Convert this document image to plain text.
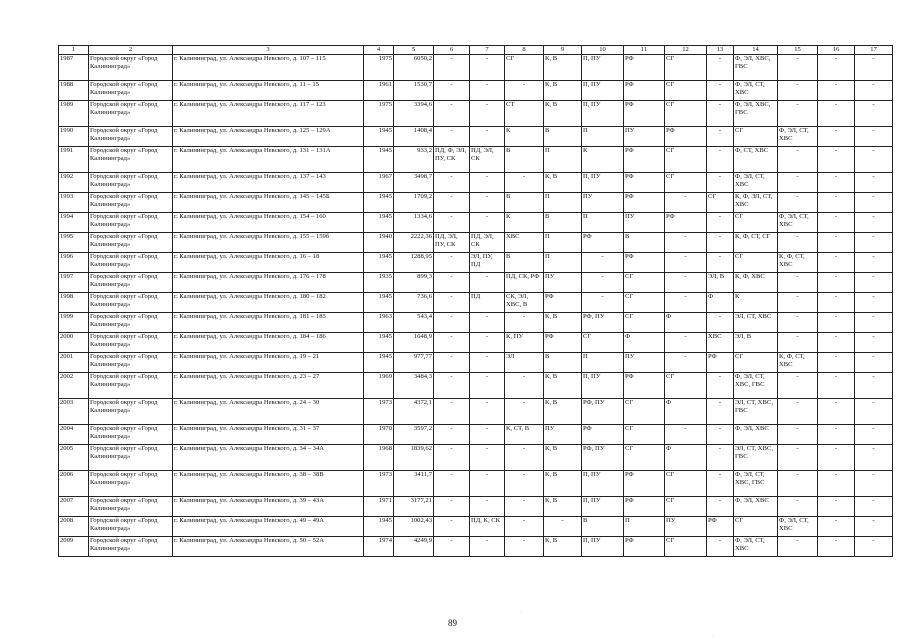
1	2	3	4	5	6	7	8	9	10	11	12	13	14	15	16	17
1987	Городской округ «Город Калининград»	г. Калининград, ул. Александра Невского, д. 107 – 115	1975	6050,2	-	-	СГ	К, В	П, ПУ	РФ	СГ	-	Ф, ЭЛ, ХВС, ГВС	-	-	-
1988	Городской округ «Город Калининград»	г. Калининград, ул. Александра Невского, д. 11 – 15	1961	1530,7	-	-	-	К, В	П, ПУ	РФ	СГ	-	Ф, ЭЛ, СТ, ХВС	-	-	-
1989	Городской округ «Город Калининград»	г. Калининград, ул. Александра Невского, д. 117 – 123	1975	3394,6	-	-	СТ	К, В	П, ПУ	РФ	СГ	-	Ф, ЭЛ, ХВС, ГВС	-	-	-
1990	Городской округ «Город Калининград»	г. Калининград, ул. Александра Невского, д. 125 – 129А	1945	1408,4	-	-	К	В	П	ПУ	РФ	-	СГ	Ф, ЭЛ, СТ, ХВС	-	-
1991	Городской округ «Город Калининград»	г. Калининград, ул. Александра Невского, д. 131 – 131А	1945	933,2	ПД, Ф, ЭЛ, ПУ, СК	ПД, ЭЛ, СК	В	П	К	РФ	СГ	-	Ф, СТ, ХВС	-	-	-
1992	Городской округ «Город Калининград»	г. Калининград, ул. Александра Невского, д. 137 – 143	1967	3498,7	-	-	-	К, В	П, ПУ	РФ	СГ	-	Ф, ЭЛ, СТ, ХВС	-	-	-
1993	Городской округ «Город Калининград»	г. Калининград, ул. Александра Невского, д. 145 – 145Б	1945	1709,2	-	-	В	П	ПУ	РФ	-	СГ	К, Ф, ЭЛ, СТ, ХВС	-	-	-
1994	Городской округ «Город Калининград»	г. Калининград, ул. Александра Невского, д. 154 – 160	1945	1334,6	-	-	К	В	П	ПУ	РФ	-	СГ	Ф, ЭЛ, СТ, ХВС	-	-
1995	Городской округ «Город Калининград»	г. Калининград, ул. Александра Невского, д. 155 – 159б	1940	2222,36	ПД, ЭЛ, ПУ, СК	ПД, ЭЛ, СК	ХВС	П	РФ	В	-	-	К, Ф, СТ, СГ	-	-	-
1996	Городской округ «Город Калининград»	г. Калининград, ул. Александра Невского, д. 16 – 18	1945	1288,95	-	ЭЛ, ПУ, ПД	В	П	-	РФ	-	-	СГ	К, Ф, СТ, ХВС	-	-
1997	Городской округ «Город Калининград»	г. Калининград, ул. Александра Невского, д. 176 – 178	1935	899,3	-	-	ПД, СК, РФ	ПУ	-	СГ	-	ЭЛ, В	К, Ф, ХВС	-	-	-
1998	Городской округ «Город Калининград»	г. Калининград, ул. Александра Невского, д. 180 – 182	1945	736,6	-	ПД	СК, ЭЛ, ХВС, В	РФ	-	СГ	-	Ф	К	-	-	-
1999	Городской округ «Город Калининград»	г. Калининград, ул. Александра Невского, д. 181 – 183	1963	543,4	-	-	-	К, В	РФ, ПУ	СГ	Ф	-	ЭЛ, СТ, ХВС	-	-	-
2000	Городской округ «Город Калининград»	г. Калининград, ул. Александра Невского, д. 184 – 186	1945	1648,9	-	-	К, ПУ	РФ	СГ	Ф	-	ХВС	ЭЛ, В	-	-	-
2001	Городской округ «Город Калининград»	г. Калининград, ул. Александра Невского, д. 19 – 21	1945	977,77	-	-	ЭЛ	В	П	ПУ	-	РФ	СГ	К, Ф, СТ, ХВС	-	-
2002	Городской округ «Город Калининград»	г. Калининград, ул. Александра Невского, д. 23 – 27	1969	3484,3	-	-	-	К, В	П, ПУ	РФ	СГ	-	Ф, ЭЛ, СТ, ХВС, ГВС	-	-	-
2003	Городской округ «Город Калининград»	г. Калининград, ул. Александра Невского, д. 24 – 30	1973	4372,1	-	-	-	К, В	РФ, ПУ	СГ	Ф	-	ЭЛ, СТ, ХВС, ГВС	-	-	-
2004	Городской округ «Город Калининград»	г. Калининград, ул. Александра Невского, д. 31 – 37	1970	3597,2	-	-	К, СТ, В	ПУ	РФ	СГ	-	-	Ф, ЭЛ, ХВС	-	-	-
2005	Городской округ «Город Калининград»	г. Калининград, ул. Александра Невского, д. 34 – 34А	1968	1839,62	-	-	-	К, В	РФ, ПУ	СГ	Ф	-	ЭЛ, СТ, ХВС, ГВС	-	-	-
2006	Городской округ «Город Калининград»	г. Калининград, ул. Александра Невского, д. 38 – 38В	1973	3411,7	-	-	-	К, В	П, ПУ	РФ	СГ	-	Ф, ЭЛ, СТ, ХВС, ГВС	-	-	-
2007	Городской округ «Город Калининград»	г. Калининград, ул. Александра Невского, д. 39 – 43А	1971	3177,21	-	-	-	К, В	П, ПУ	РФ	СГ	-	Ф, ЭЛ, ХВС	-	-	-
2008	Городской округ «Город Калининград»	г. Калининград, ул. Александра Невского, д. 49 – 49А	1945	1002,43	-	ПД, К, СК	-	-	В	П	ПУ	РФ	СГ	Ф, ЭЛ, СТ, ХВС	-	-
2009	Городской округ «Город Калининград»	г. Калининград, ул. Александра Невского, д. 50 – 52А	1974	4249,9	-	-	-	К, В	П, ПУ	РФ	СГ	-	Ф, ЭЛ, СТ, ХВС	-	-	-
·
·
89
